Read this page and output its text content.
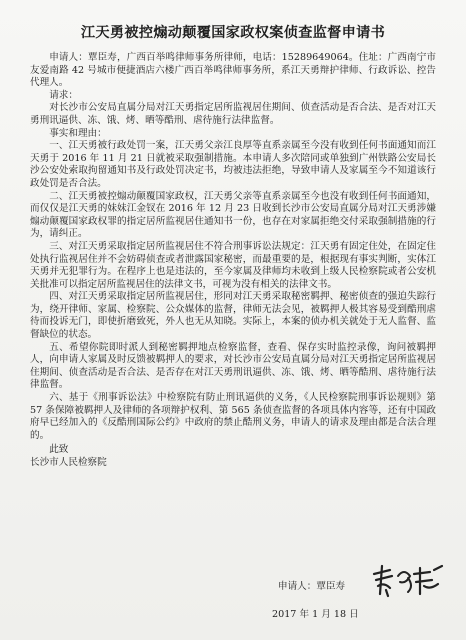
江天勇被控煽动颠覆国家政权案侦查监督申请书

申请人：覃臣寿，广西百举鸣律师事务所律师，电话：15289649064。住址：广西南宁市友爱南路 42 号城市便捷酒店六楼广西百举鸣律师事务所，系江天勇辩护律师、行政诉讼、控告代理人。

请求：

对长沙市公安局直属分局对江天勇指定居所监视居住期间、侦查活动是否合法、是否对江天勇刑讯逼供、冻、饿、烤、晒等酷刑、虐待施行法律监督。

事实和理由：

一、江天勇被行政处罚一案，江天勇父亲江良厚等直系亲属至今没有收到任何书面通知而江天勇于 2016 年 11 月 21 日就被采取强制措施。本申请人多次陪同或单独到广州铁路公安局长沙公安处索取拘留通知书及行政处罚决定书，均被违法拒绝，导致申请人及家属至今不知道该行政处罚是否合法。

二、江天勇被控煽动颠覆国家政权，江天勇父亲等直系亲属至今也没有收到任何书面通知，而仅仅是江天勇的妹妹江金钗在 2016 年 12 月 23 日收到长沙市公安局直属分局对江天勇涉嫌煽动颠覆国家政权罪的指定居所监视居住通知书一份，也存在对家属拒绝交付采取强制措施的行为，请纠正。

三、对江天勇采取指定居所监视居住不符合刑事诉讼法规定：江天勇有固定住处，在固定住处执行监视居住并不会妨碍侦查或者泄露国家秘密，而最重要的是，根据现有事实判断，实体江天勇并无犯罪行为。在程序上也是违法的，至今家属及律师均未收到上级人民检察院或者公安机关批准可以指定居所监视居住的法律文书，可视为没有相关的法律文书。

四、对江天勇采取指定居所监视居住，形同对江天勇采取秘密羁押、秘密侦查的强迫失踪行为，绕开律师、家属、检察院、公众媒体的监督，律师无法会见，被羁押人极其容易受到酷刑虐待而投诉无门，即使折磨致死，外人也无从知晓。实际上，本案的侦办机关就处于无人监督、监督缺位的状态。

五、希望你院即时派人到秘密羁押地点检察监督，查看、保存实时监控录像，询问被羁押人，向申请人家属及时反馈被羁押人的要求，对长沙市公安局直属分局对江天勇指定居所监视居住期间、侦查活动是否合法、是否存在对江天勇刑讯逼供、冻、饿、烤、晒等酷刑、虐待施行法律监督。

六、基于《刑事诉讼法》中检察院有防止刑讯逼供的义务，《人民检察院刑事诉讼规则》第 57 条保障被羁押人及律师的各项辩护权利、第 565 条侦查监督的各项具体内容等，还有中国政府早已经加入的《反酷刑国际公约》中政府的禁止酷刑义务，申请人的请求及理由都是合法合理的。

此致

长沙市人民检察院

申请人：覃臣寿
2017 年 1 月 18 日
